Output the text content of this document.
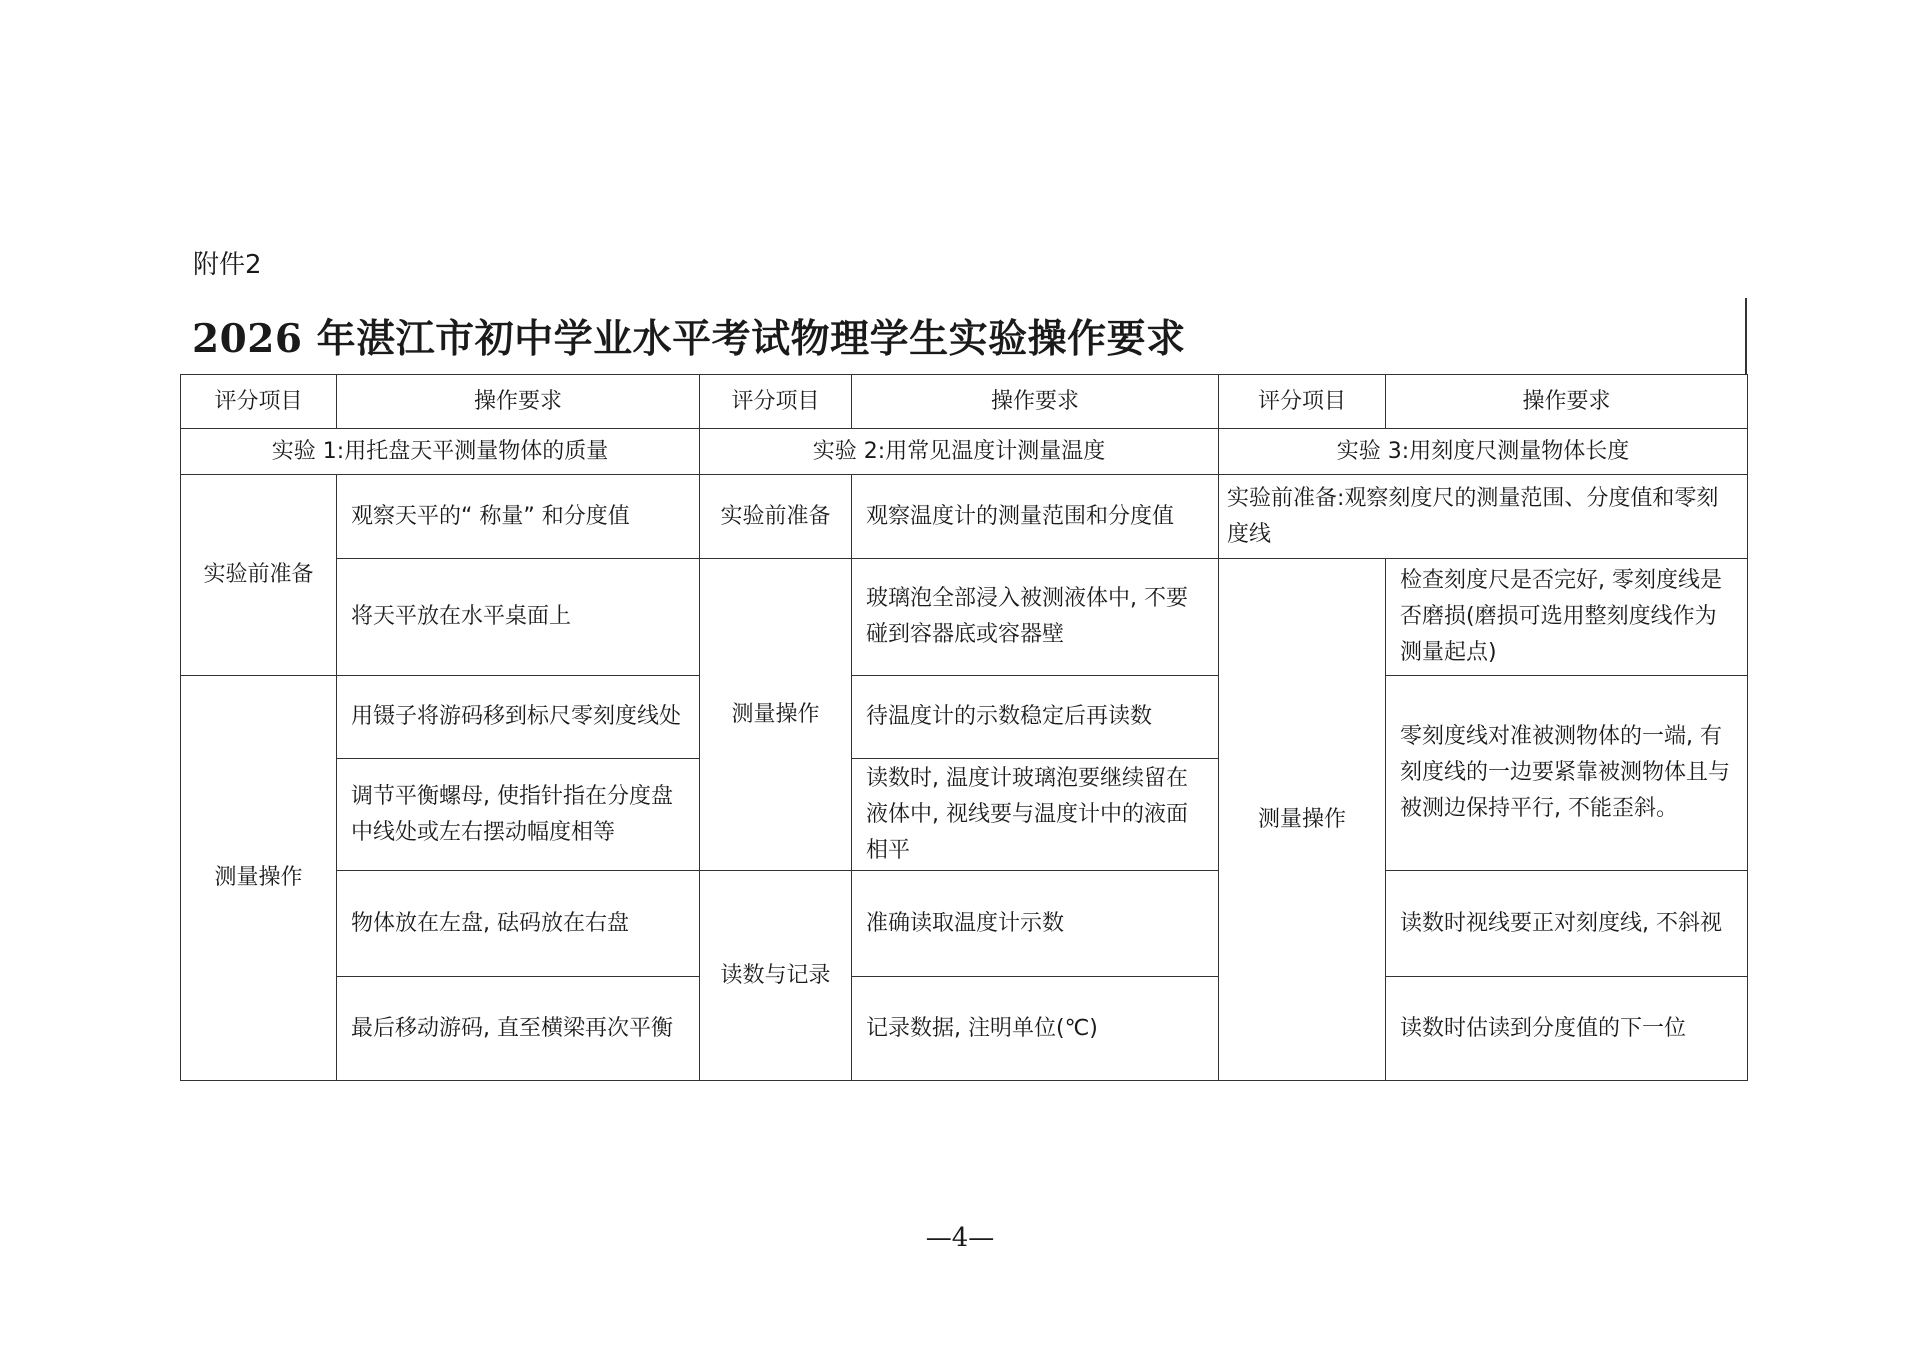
附件2
2026 年湛江市初中学业水平考试物理学生实验操作要求
评分项目	操作要求	评分项目	操作要求	评分项目	操作要求
实验 1:用托盘天平测量物体的质量		实验 2:用常见温度计测量温度		实验 3:用刻度尺测量物体长度	
实验前准备	观察天平的“ 称量” 和分度值	实验前准备	观察温度计的测量范围和分度值	实验前准备:观察刻度尺的测量范围、分度值和零刻度线	
	将天平放在水平桌面上	测量操作	玻璃泡全部浸入被测液体中, 不要碰到容器底或容器壁	测量操作	检查刻度尺是否完好, 零刻度线是否磨损(磨损可选用整刻度线作为测量起点)
测量操作	用镊子将游码移到标尺零刻度线处		待温度计的示数稳定后再读数		零刻度线对准被测物体的一端, 有刻度线的一边要紧靠被测物体且与被测边保持平行, 不能歪斜。
	调节平衡螺母, 使指针指在分度盘中线处或左右摆动幅度相等		读数时, 温度计玻璃泡要继续留在液体中, 视线要与温度计中的液面相平		
	物体放在左盘, 砝码放在右盘	读数与记录	准确读取温度计示数		读数时视线要正对刻度线, 不斜视
	最后移动游码, 直至横梁再次平衡		记录数据, 注明单位(℃)		读数时估读到分度值的下一位
—4—
